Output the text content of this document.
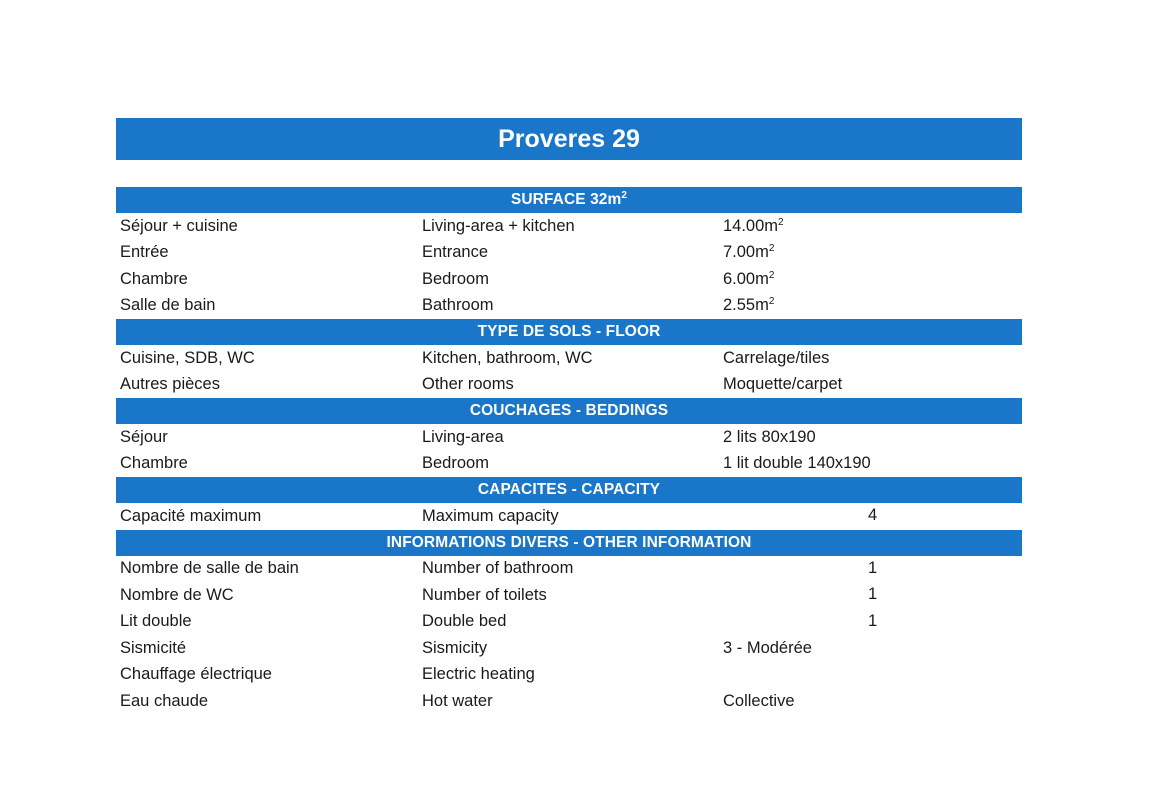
Proveres 29
SURFACE $32m^2$
Séjour + cuisine	Living-area + kitchen	$14.00m^2$
Entrée	Entrance	$7.00m^2$
Chambre	Bedroom	$6.00m^2$
Salle de bain	Bathroom	$2.55m^2$
TYPE DE SOLS - FLOOR
Cuisine, SDB, WC	Kitchen, bathroom, WC	Carrelage/tiles
Autres pièces	Other rooms	Moquette/carpet
COUCHAGES - BEDDINGS
Séjour	Living-area	2 lits 80x190
Chambre	Bedroom	1 lit double 140x190
CAPACITES - CAPACITY
Capacité maximum	Maximum capacity	4
INFORMATIONS DIVERS - OTHER INFORMATION
Nombre de salle de bain	Number of bathroom	1
Nombre de WC	Number of toilets	1
Lit double	Double bed	1
Sismicité	Sismicity	3 - Modérée
Chauffage électrique	Electric heating
Eau chaude	Hot water	Collective
